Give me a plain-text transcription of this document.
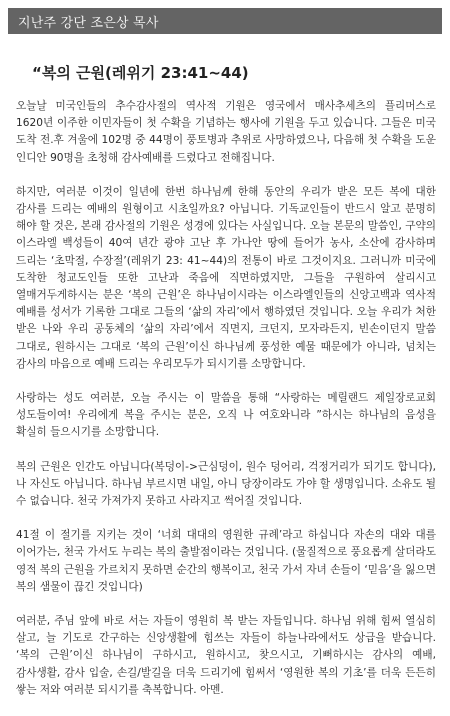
지난주 강단 조은상 목사
“복의 근원(레위기 23:41~44)

오늘날 미국인들의 추수감사절의 역사적 기원은 영국에서 매사추세츠의 플리머스로 1620년 이주한 이민자들이 첫 수확을 기념하는 행사에 기원을 두고 있습니다. 그들은 미국 도착 전.후 겨울에 102명 중 44명이 풍토병과 추위로 사망하였으나, 다음해 첫 수확을 도운 인디안 90명을 초청해 감사예배를 드렸다고 전해집니다.

하지만, 여러분 이것이 일년에 한번 하나님께 한해 동안의 우리가 받은 모든 복에 대한 감사를 드리는 예배의 원형이고 시초일까요? 아닙니다. 기독교인들이 반드시 알고 분명히 해야 할 것은, 본래 감사절의 기원은 성경에 있다는 사실입니다. 오늘 본문의 말씀인, 구약의 이스라엘 백성들이 40여 년간 광야 고난 후 가나안 땅에 들어가 농사, 소산에 감사하며 드리는 ‘초막절, 수장절’(레위기 23: 41~44)의 전통이 바로 그것이지요. 그러니까 미국에 도착한 청교도인들 또한 고난과 죽음에 직면하였지만, 그들을 구원하여 살리시고 열매거두게하시는 분은 ‘복의 근원’은 하나님이시라는 이스라엘인들의 신앙고백과 역사적 예배를 성서가 기록한 그대로 그들의 ‘삶의 자리’에서 행하였던 것입니다. 오늘 우리가 처한 받은 나와 우리 공동체의 ‘삶의 자리’에서 직면지, 크던지, 모자라든지, 빈손이던지 말씀 그대로, 원하시는 그대로 ‘복의 근원’이신 하나님께 풍성한 예물 때문에가 아니라, 넘치는 감사의 마음으로 예배 드리는 우리모두가 되시기를 소망합니다.

사랑하는 성도 여러분, 오늘 주시는 이 말씀을 통해 “사랑하는 메릴랜드 제일장로교회 성도들이여! 우리에게 복을 주시는 분은, 오직 나 여호와니라 ”하시는 하나님의 음성을 확실히 들으시기를 소망합니다.

복의 근원은 인간도 아닙니다(복덩이->근심덩이, 원수 덩어리, 걱정거리가 되기도 합니다), 나 자신도 아닙니다. 하나님 부르시면 내일, 아니 당장이라도 가야 할 생명입니다. 소유도 될 수 없습니다. 천국 가져가지 못하고 사라지고 썩어질 것입니다.

41절 이 절기를 지키는 것이 ‘너희 대대의 영원한 규례’라고 하십니다 자손의 대와 대를 이어가는, 천국 가서도 누리는 복의 출발점이라는 것입니다. (물질적으로 풍요롭게 살더라도 영적 복의 근원을 가르치지 못하면 순간의 행복이고, 천국 가서 자녀 손들이 ‘믿음’을 잃으면 복의 샘물이 끊긴 것입니다)

여러분, 주님 앞에 바로 서는 자들이 영원히 복 받는 자들입니다. 하나님 위해 힘써 열심히 살고, 늘 기도로 간구하는 신앙생활에 힘쓰는 자들이 하늘나라에서도 상급을 받습니다. ‘복의 근원’이신 하나님이 구하시고, 원하시고, 찾으시고, 기뻐하시는 감사의 예배, 감사생활, 감사 입술, 손길/발길을 더욱 드리기에 힘써서 ‘영원한 복의 기초’를 더욱 든든히 쌓는 저와 여러분 되시기를 축복합니다. 아멘.
